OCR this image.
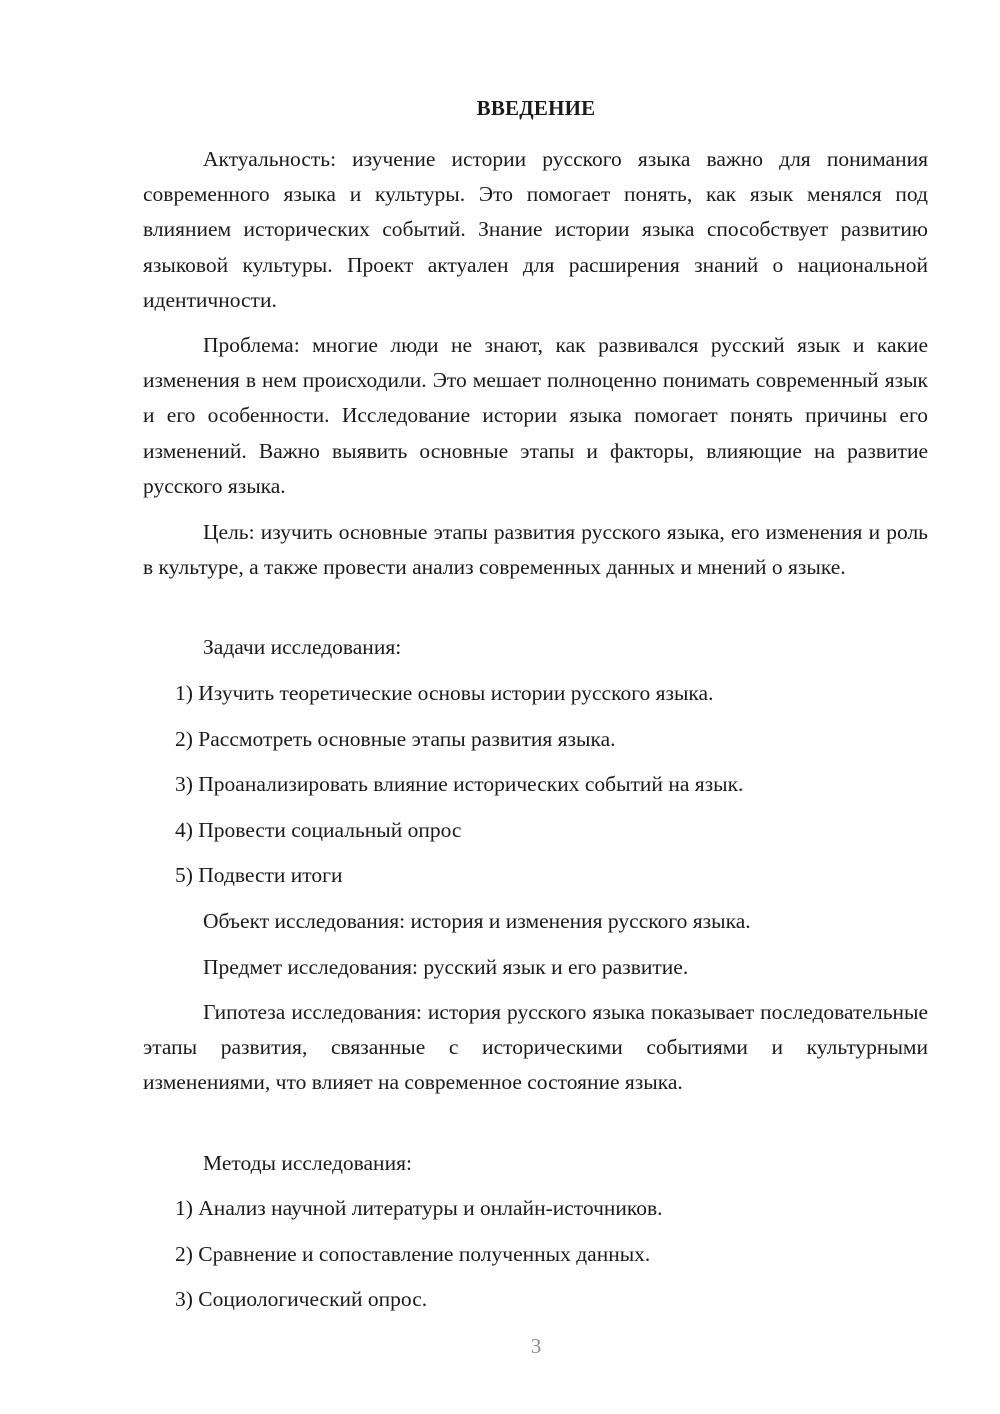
ВВЕДЕНИЕ

Актуальность: изучение истории русского языка важно для понимания современного языка и культуры. Это помогает понять, как язык менялся под влиянием исторических событий. Знание истории языка способствует развитию языковой культуры. Проект актуален для расширения знаний о национальной идентичности.

Проблема: многие люди не знают, как развивался русский язык и какие изменения в нем происходили. Это мешает полноценно понимать современный язык и его особенности. Исследование истории языка помогает понять причины его изменений. Важно выявить основные этапы и факторы, влияющие на развитие русского языка.

Цель: изучить основные этапы развития русского языка, его изменения и роль в культуре, а также провести анализ современных данных и мнений о языке.

Задачи исследования:
1) Изучить теоретические основы истории русского языка.
2) Рассмотреть основные этапы развития языка.
3) Проанализировать влияние исторических событий на язык.
4) Провести социальный опрос
5) Подвести итоги
Объект исследования: история и изменения русского языка.
Предмет исследования: русский язык и его развитие.

Гипотеза исследования: история русского языка показывает последовательные этапы развития, связанные с историческими событиями и культурными изменениями, что влияет на современное состояние языка.

Методы исследования:
1) Анализ научной литературы и онлайн-источников.
2) Сравнение и сопоставление полученных данных.
3) Социологический опрос.
3
